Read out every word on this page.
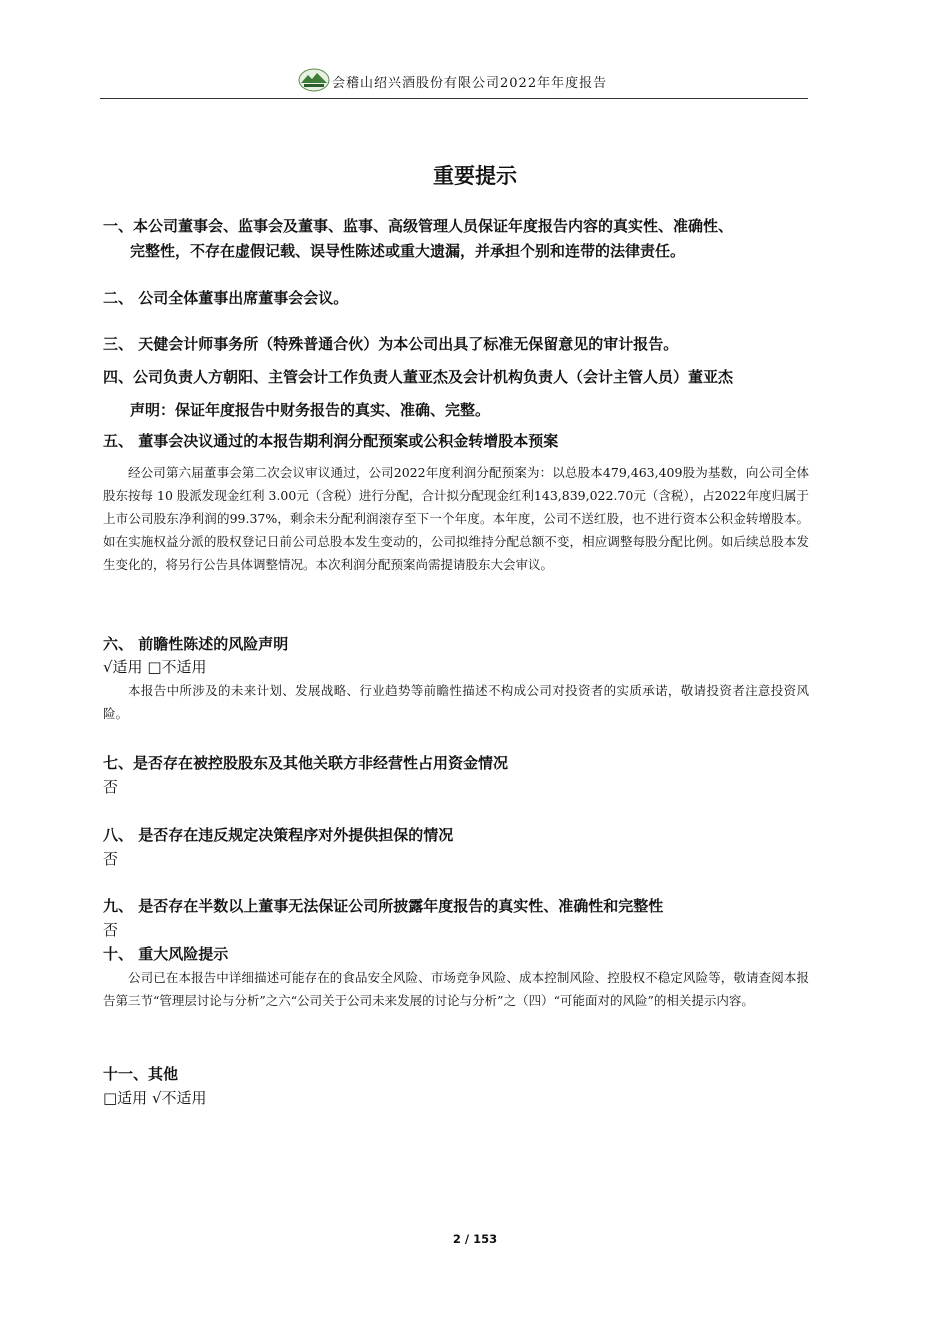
会稽山绍兴酒股份有限公司2022年年度报告
重要提示
一、本公司董事会、监事会及董事、监事、高级管理人员保证年度报告内容的真实性、准确性、
完整性，不存在虚假记载、误导性陈述或重大遗漏，并承担个别和连带的法律责任。
二、 公司全体董事出席董事会会议。
三、 天健会计师事务所（特殊普通合伙）为本公司出具了标准无保留意见的审计报告。
四、公司负责人方朝阳、主管会计工作负责人董亚杰及会计机构负责人（会计主管人员）董亚杰
声明：保证年度报告中财务报告的真实、准确、完整。
五、 董事会决议通过的本报告期利润分配预案或公积金转增股本预案
经公司第六届董事会第二次会议审议通过，公司2022年度利润分配预案为：以总股本479,463,409股为基数，向公司全体股东按每 10 股派发现金红利 3.00元（含税）进行分配，合计拟分配现金红利143,839,022.70元（含税），占2022年度归属于上市公司股东净利润的99.37%，剩余未分配利润滚存至下一个年度。本年度，公司不送红股，也不进行资本公积金转增股本。如在实施权益分派的股权登记日前公司总股本发生变动的，公司拟维持分配总额不变，相应调整每股分配比例。如后续总股本发生变化的，将另行公告具体调整情况。本次利润分配预案尚需提请股东大会审议。
六、 前瞻性陈述的风险声明
√适用 □不适用
本报告中所涉及的未来计划、发展战略、行业趋势等前瞻性描述不构成公司对投资者的实质承诺，敬请投资者注意投资风险。
七、是否存在被控股股东及其他关联方非经营性占用资金情况
否
八、 是否存在违反规定决策程序对外提供担保的情况
否
九、 是否存在半数以上董事无法保证公司所披露年度报告的真实性、准确性和完整性
否
十、 重大风险提示
公司已在本报告中详细描述可能存在的食品安全风险、市场竞争风险、成本控制风险、控股权不稳定风险等，敬请查阅本报告第三节“管理层讨论与分析”之六“公司关于公司未来发展的讨论与分析”之（四）“可能面对的风险”的相关提示内容。
十一、其他
□适用 √不适用
2 / 153
